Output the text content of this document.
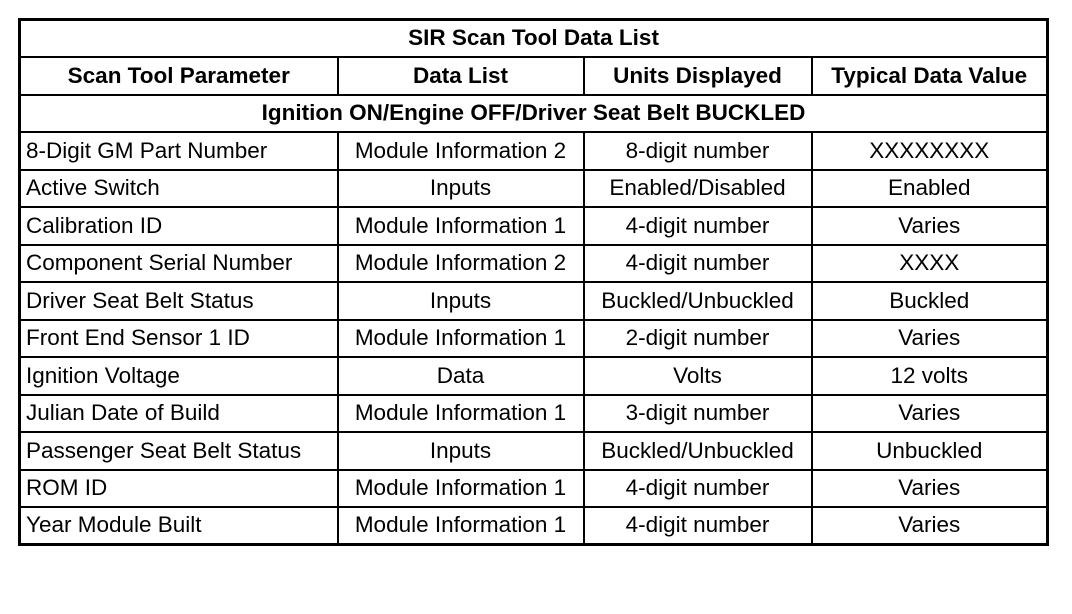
SIR Scan Tool Data List			
Scan Tool Parameter	Data List	Units Displayed	Typical Data Value
Ignition ON/Engine OFF/Driver Seat Belt BUCKLED			
8-Digit GM Part Number	Module Information 2	8-digit number	XXXXXXXX
Active Switch	Inputs	Enabled/Disabled	Enabled
Calibration ID	Module Information 1	4-digit number	Varies
Component Serial Number	Module Information 2	4-digit number	XXXX
Driver Seat Belt Status	Inputs	Buckled/Unbuckled	Buckled
Front End Sensor 1 ID	Module Information 1	2-digit number	Varies
Ignition Voltage	Data	Volts	12 volts
Julian Date of Build	Module Information 1	3-digit number	Varies
Passenger Seat Belt Status	Inputs	Buckled/Unbuckled	Unbuckled
ROM ID	Module Information 1	4-digit number	Varies
Year Module Built	Module Information 1	4-digit number	Varies
